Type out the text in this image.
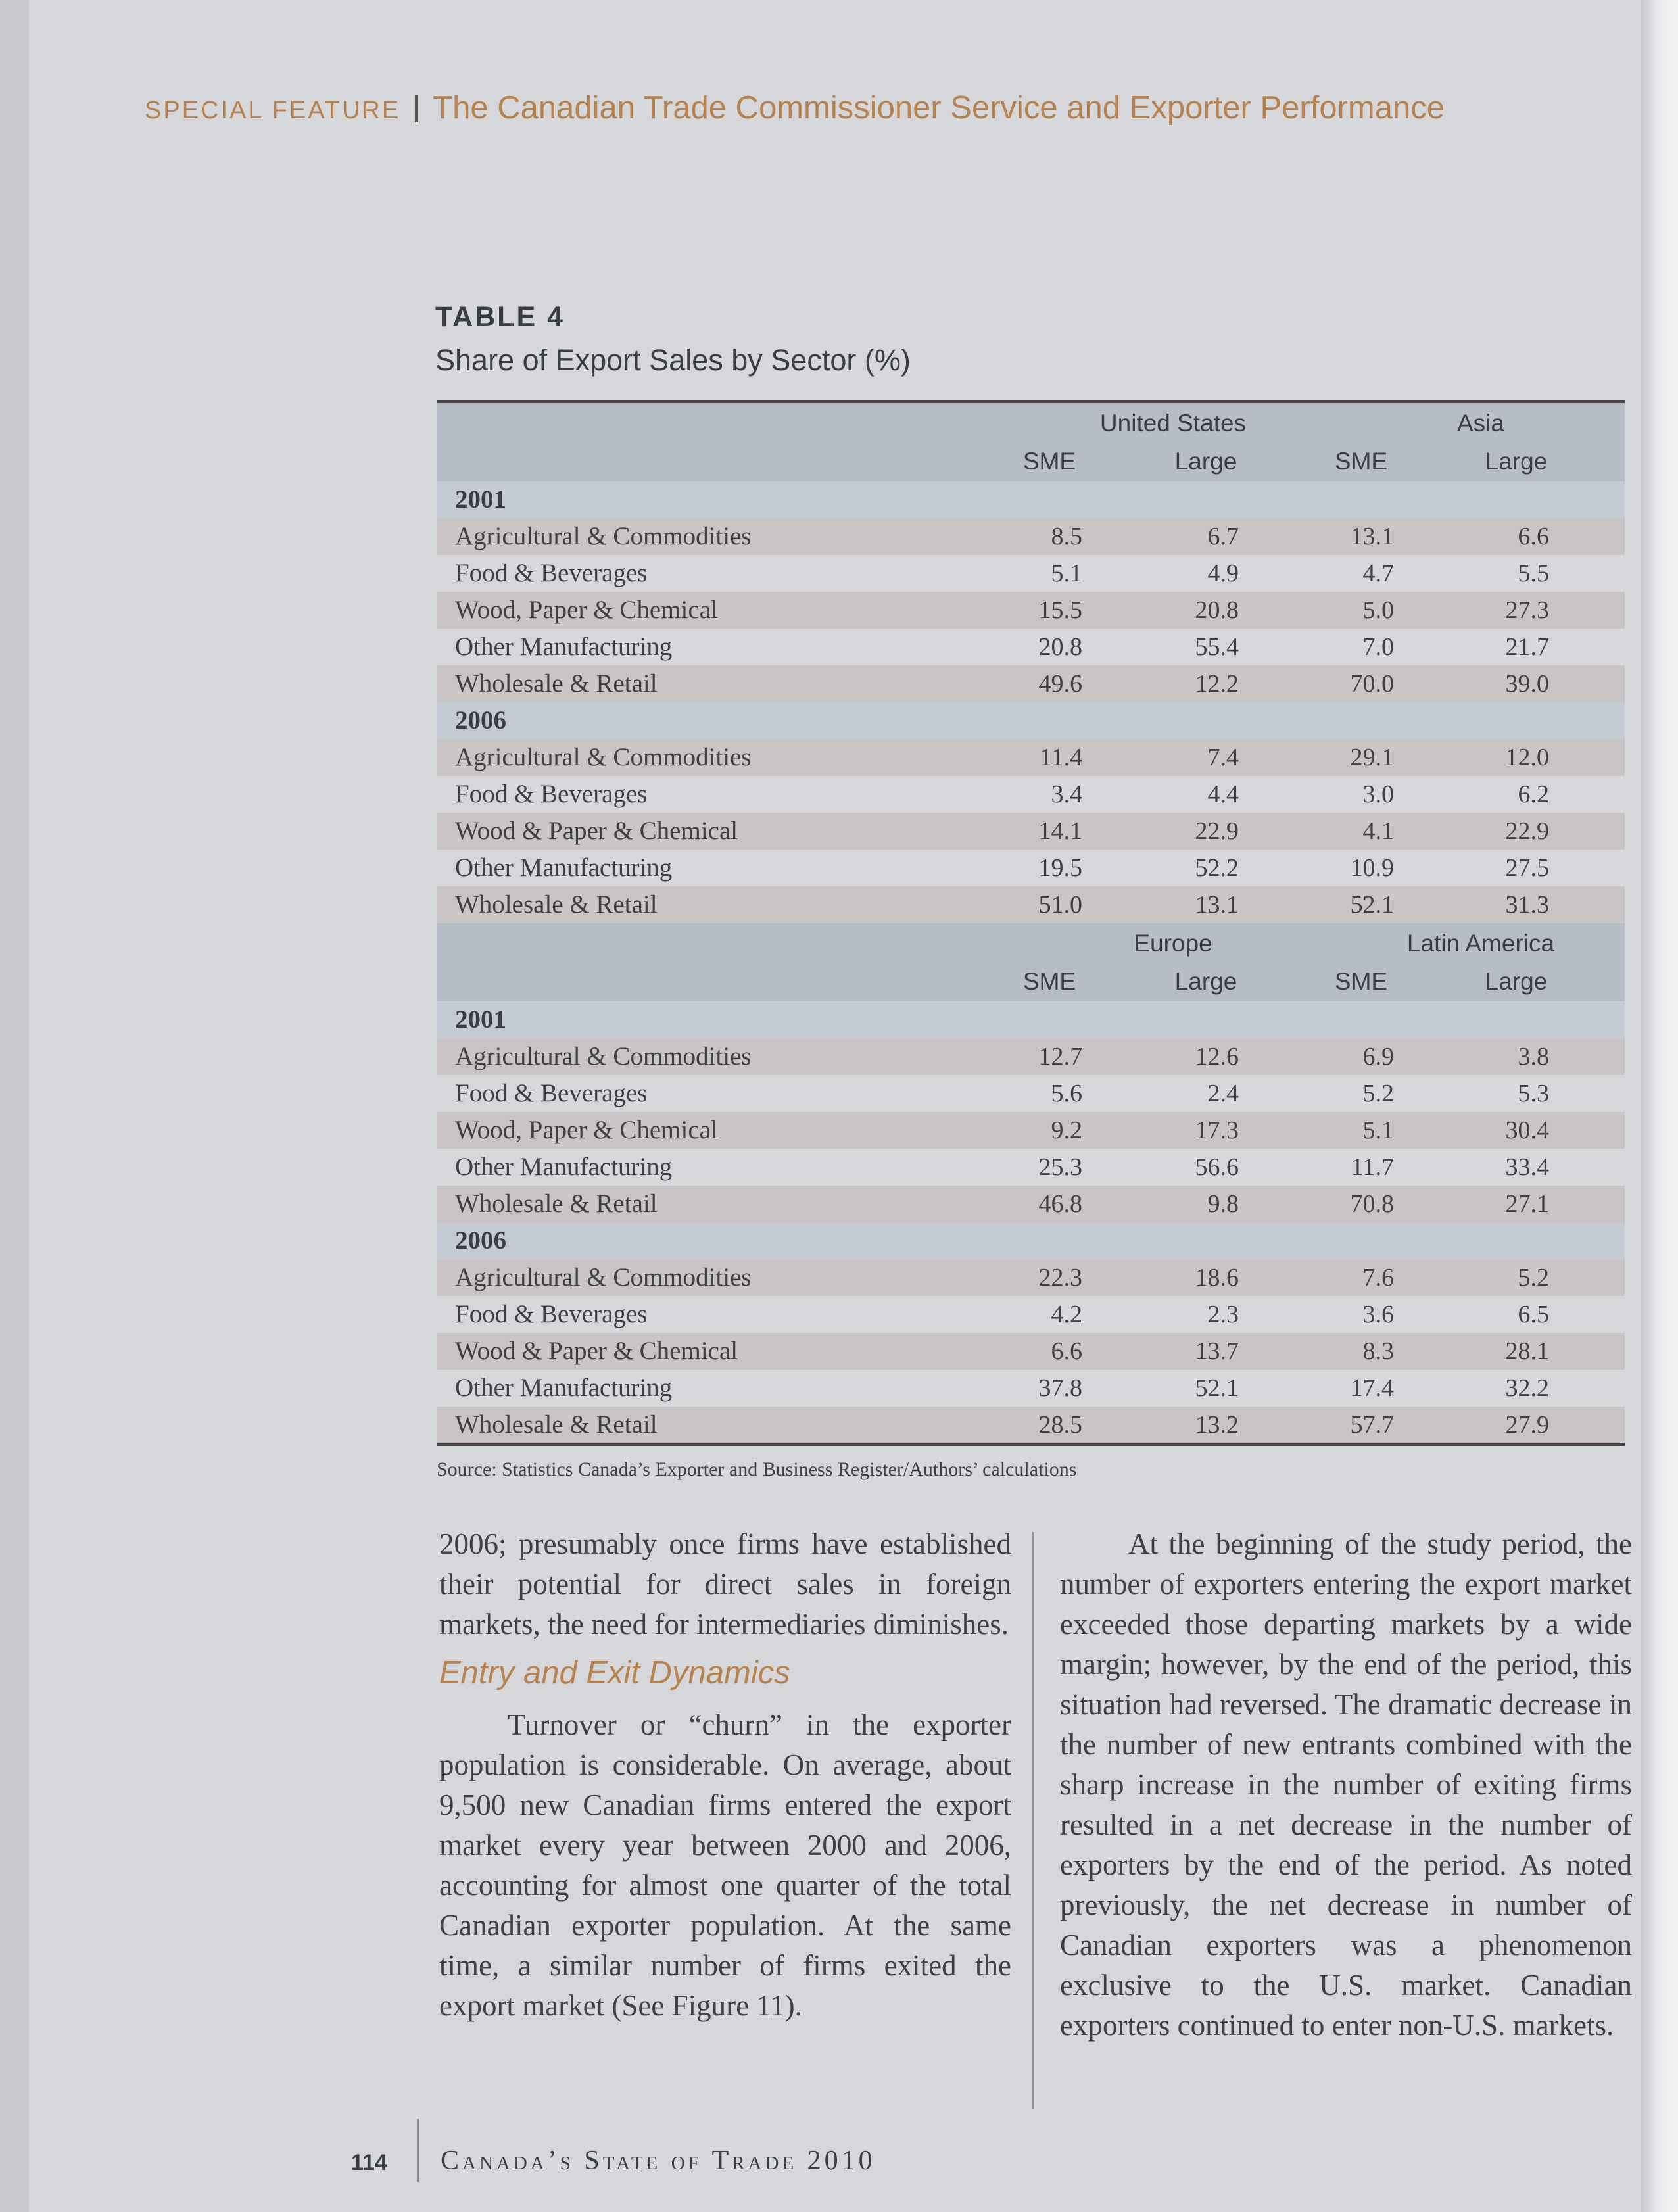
SPECIAL FEATURE The Canadian Trade Commissioner Service and Exporter Performance
TABLE 4
Share of Export Sales by Sector (%)
United States	Asia
SME	Large	SME	Large
2001
Agricultural & Commodities	8.5	6.7	13.1	6.6
Food & Beverages	5.1	4.9	4.7	5.5
Wood, Paper & Chemical	15.5	20.8	5.0	27.3
Other Manufacturing	20.8	55.4	7.0	21.7
Wholesale & Retail	49.6	12.2	70.0	39.0
2006
Agricultural & Commodities	11.4	7.4	29.1	12.0
Food & Beverages	3.4	4.4	3.0	6.2
Wood & Paper & Chemical	14.1	22.9	4.1	22.9
Other Manufacturing	19.5	52.2	10.9	27.5
Wholesale & Retail	51.0	13.1	52.1	31.3
Europe	Latin America
SME	Large	SME	Large
2001
Agricultural & Commodities	12.7	12.6	6.9	3.8
Food & Beverages	5.6	2.4	5.2	5.3
Wood, Paper & Chemical	9.2	17.3	5.1	30.4
Other Manufacturing	25.3	56.6	11.7	33.4
Wholesale & Retail	46.8	9.8	70.8	27.1
2006
Agricultural & Commodities	22.3	18.6	7.6	5.2
Food & Beverages	4.2	2.3	3.6	6.5
Wood & Paper & Chemical	6.6	13.7	8.3	28.1
Other Manufacturing	37.8	52.1	17.4	32.2
Wholesale & Retail	28.5	13.2	57.7	27.9
Source: Statistics Canada’s Exporter and Business Register/Authors’ calculations

2006; presumably once firms have established their potential for direct sales in foreign markets, the need for intermediaries diminishes.

Entry and Exit Dynamics

Turnover or “churn” in the exporter population is considerable. On average, about 9,500 new Canadian firms entered the export market every year between 2000 and 2006, accounting for almost one quarter of the total Canadian exporter population. At the same time, a similar number of firms exited the export market (See Figure 11).

At the beginning of the study period, the number of exporters entering the export market exceeded those departing markets by a wide margin; however, by the end of the period, this situation had reversed. The dramatic decrease in the number of new entrants combined with the sharp increase in the number of exiting firms resulted in a net decrease in the number of exporters by the end of the period. As noted previously, the net decrease in number of Canadian exporters was a phenomenon exclusive to the U.S. market. Canadian exporters continued to enter non-U.S. markets.

114 Canada’s State of Trade 2010
